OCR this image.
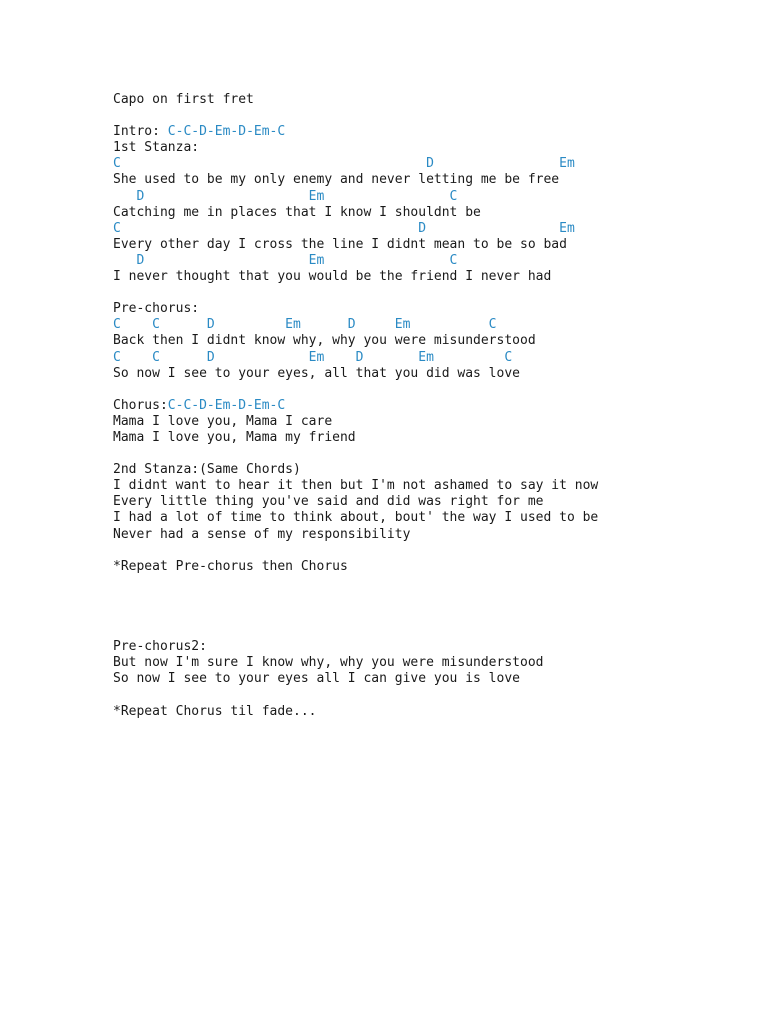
Capo on first fret
Intro: C-C-D-Em-D-Em-C
1st Stanza:
C                                       D                Em
She used to be my only enemy and never letting me be free
D                     Em                C
Catching me in places that I know I shouldnt be
C                                      D                 Em
Every other day I cross the line I didnt mean to be so bad
D                     Em                C
I never thought that you would be the friend I never had
Pre-chorus:
C    C      D         Em      D     Em          C
Back then I didnt know why, why you were misunderstood
C    C      D            Em    D       Em         C
So now I see to your eyes, all that you did was love
Chorus:C-C-D-Em-D-Em-C
Mama I love you, Mama I care
Mama I love you, Mama my friend
2nd Stanza:(Same Chords)
I didnt want to hear it then but I'm not ashamed to say it now
Every little thing you've said and did was right for me
I had a lot of time to think about, bout' the way I used to be
Never had a sense of my responsibility
*Repeat Pre-chorus then Chorus
Pre-chorus2:
But now I'm sure I know why, why you were misunderstood
So now I see to your eyes all I can give you is love
*Repeat Chorus til fade...
